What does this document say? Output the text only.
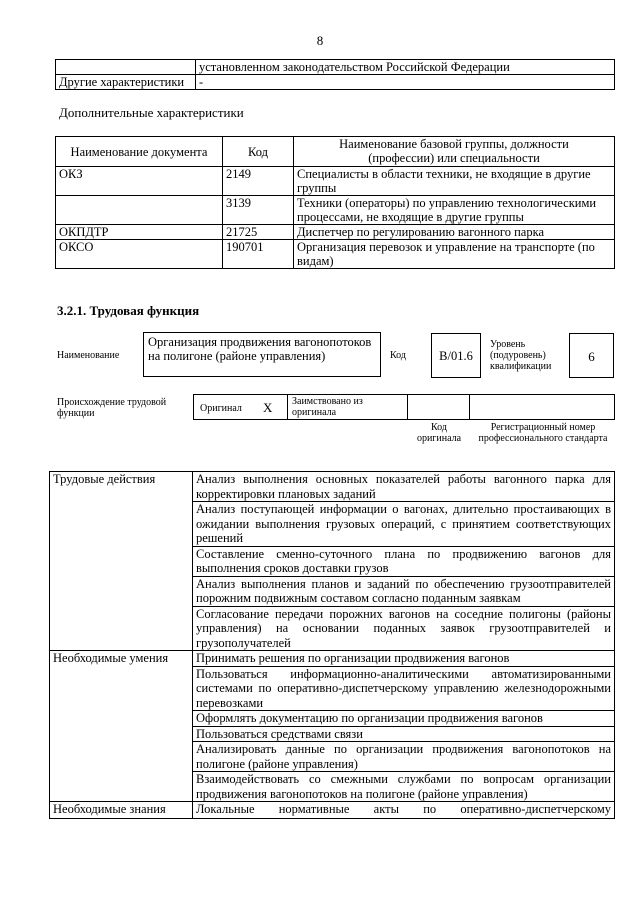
8
	установленном законодательством Российской Федерации
Другие характеристики	-
Дополнительные характеристики
Наименование документа	Код	Наименование базовой группы, должности (профессии) или специальности
ОКЗ	2149	Специалисты в области техники, не входящие в другие группы
	3139	Техники (операторы) по управлению технологическими процессами, не входящие в другие группы
ОКПДТР	21725	Диспетчер по регулированию вагонного парка
ОКСО	190701	Организация перевозок и управление на транспорте (по видам)
3.2.1. Трудовая функция
Наименование
Организация продвижения вагонопотоков на полигоне (районе управления)	Код	B/01.6
Уровень (подуровень) квалификации
6
Происхождение трудовой функции	Оригинал X Заимствовано из оригинала
Код оригинала
Регистрационный номер профессионального стандарта
Трудовые действия	Анализ выполнения основных показателей работы вагонного парка для корректировки плановых заданий
	Анализ поступающей информации о вагонах, длительно простаивающих в ожидании выполнения грузовых операций, с принятием соответствующих решений
	Составление сменно-суточного плана по продвижению вагонов для выполнения сроков доставки грузов
	Анализ выполнения планов и заданий по обеспечению грузоотправителей порожним подвижным составом согласно поданным заявкам
	Согласование передачи порожних вагонов на соседние полигоны (районы управления) на основании поданных заявок грузоотправителей и грузополучателей
Необходимые умения	Принимать решения по организации продвижения вагонов
	Пользоваться информационно-аналитическими автоматизированными системами по оперативно-диспетчерскому управлению железнодорожными перевозками
	Оформлять документацию по организации продвижения вагонов
	Пользоваться средствами связи
	Анализировать данные по организации продвижения вагонопотоков на полигоне (районе управления)
	Взаимодействовать со смежными службами по вопросам организации продвижения вагонопотоков на полигоне (районе управления)
Необходимые знания	Локальные нормативные акты по оперативно-диспетчерскому
